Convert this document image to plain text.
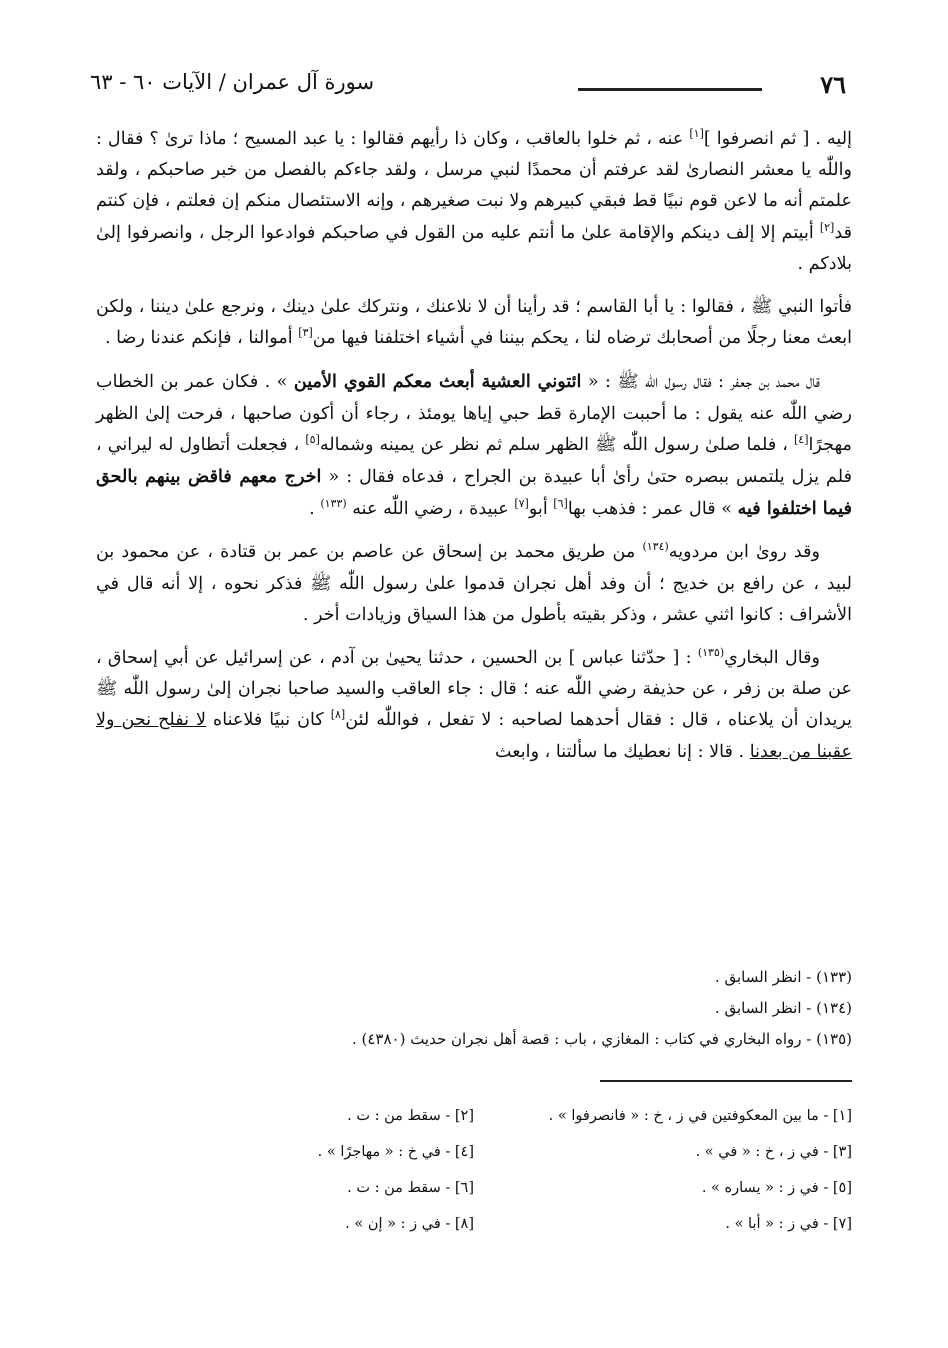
٧٦
سورة آل عمران / الآيات ٦٠ - ٦٣

إليه . [ ثم انصرفوا ][١] عنه ، ثم خلوا بالعاقب ، وكان ذا رأيهم فقالوا : يا عبد المسيح ؛ ماذا ترىٰ ؟ فقال : واللّٰه يا معشر النصارىٰ لقد عرفتم أن محمدًا لنبي مرسل ، ولقد جاءكم بالفصل من خبر صاحبكم ، ولقد علمتم أنه ما لاعن قوم نبيًا قط فبقي كبيرهم ولا نبت صغيرهم ، وإنه الاستئصال منكم إن فعلتم ، فإن كنتم قد[٢] أبيتم إلا إلف دينكم والإقامة علىٰ ما أنتم عليه من القول في صاحبكم فوادعوا الرجل ، وانصرفوا إلىٰ بلادكم .

فأتوا النبي ﷺ ، فقالوا : يا أبا القاسم ؛ قد رأينا أن لا نلاعنك ، ونتركك علىٰ دينك ، ونرجع علىٰ ديننا ، ولكن ابعث معنا رجلًا من أصحابك ترضاه لنا ، يحكم بيننا في أشياء اختلفنا فيها من[٣] أموالنا ، فإنكم عندنا رضا .

قال محمد بن جعفر : فقال رسول اللّٰه ﷺ : « ائتوني العشية أبعث معكم القوي الأمين » . فكان عمر بن الخطاب رضي اللّٰه عنه يقول : ما أحببت الإمارة قط حبي إياها يومئذ ، رجاء أن أكون صاحبها ، فرحت إلىٰ الظهر مهجرًا[٤] ، فلما صلىٰ رسول اللّٰه ﷺ الظهر سلم ثم نظر عن يمينه وشماله[٥] ، فجعلت أتطاول له ليراني ، فلم يزل يلتمس ببصره حتىٰ رأىٰ أبا عبيدة بن الجراح ، فدعاه فقال : « اخرج معهم فاقض بينهم بالحق فيما اختلفوا فيه » قال عمر : فذهب بها[٦] أبو[٧] عبيدة ، رضي اللّٰه عنه $^{(١٣٣)}$ .

وقد روىٰ ابن مردويه$^{(١٣٤)}$ من طريق محمد بن إسحاق عن عاصم بن عمر بن قتادة ، عن محمود بن لبيد ، عن رافع بن خديج ؛ أن وفد أهل نجران قدموا علىٰ رسول اللّٰه ﷺ فذكر نحوه ، إلا أنه قال في الأشراف : كانوا اثني عشر ، وذكر بقيته بأطول من هذا السياق وزيادات أخر .

وقال البخاري$^{(١٣٥)}$ : [ حدّثنا عباس ] بن الحسين ، حدثنا يحيىٰ بن آدم ، عن إسرائيل عن أبي إسحاق ، عن صلة بن زفر ، عن حذيفة رضي اللّٰه عنه ؛ قال : جاء العاقب والسيد صاحبا نجران إلىٰ رسول اللّٰه ﷺ يريدان أن يلاعناه ، قال : فقال أحدهما لصاحبه : لا تفعل ، فواللّٰه لئن[٨] كان نبيًا فلاعناه لا نفلح نحن ولا عقبنا من بعدنا . قالا : إنا نعطيك ما سألتنا ، وابعث

(١٣٣) - انظر السابق .
(١٣٤) - انظر السابق .
(١٣٥) - رواه البخاري في كتاب : المغازي ، باب : قصة أهل نجران حديث (٤٣٨٠) .
[١] - ما بين المعكوفتين في ز ، خ : « فانصرفوا » .
[٢] - سقط من : ت .
[٣] - في ز ، خ : « في » .
[٤] - في خ : « مهاجرًا » .
[٥] - في ز : « يساره » .
[٦] - سقط من : ت .
[٧] - في ز : « أبا » .
[٨] - في ز : « إن » .
